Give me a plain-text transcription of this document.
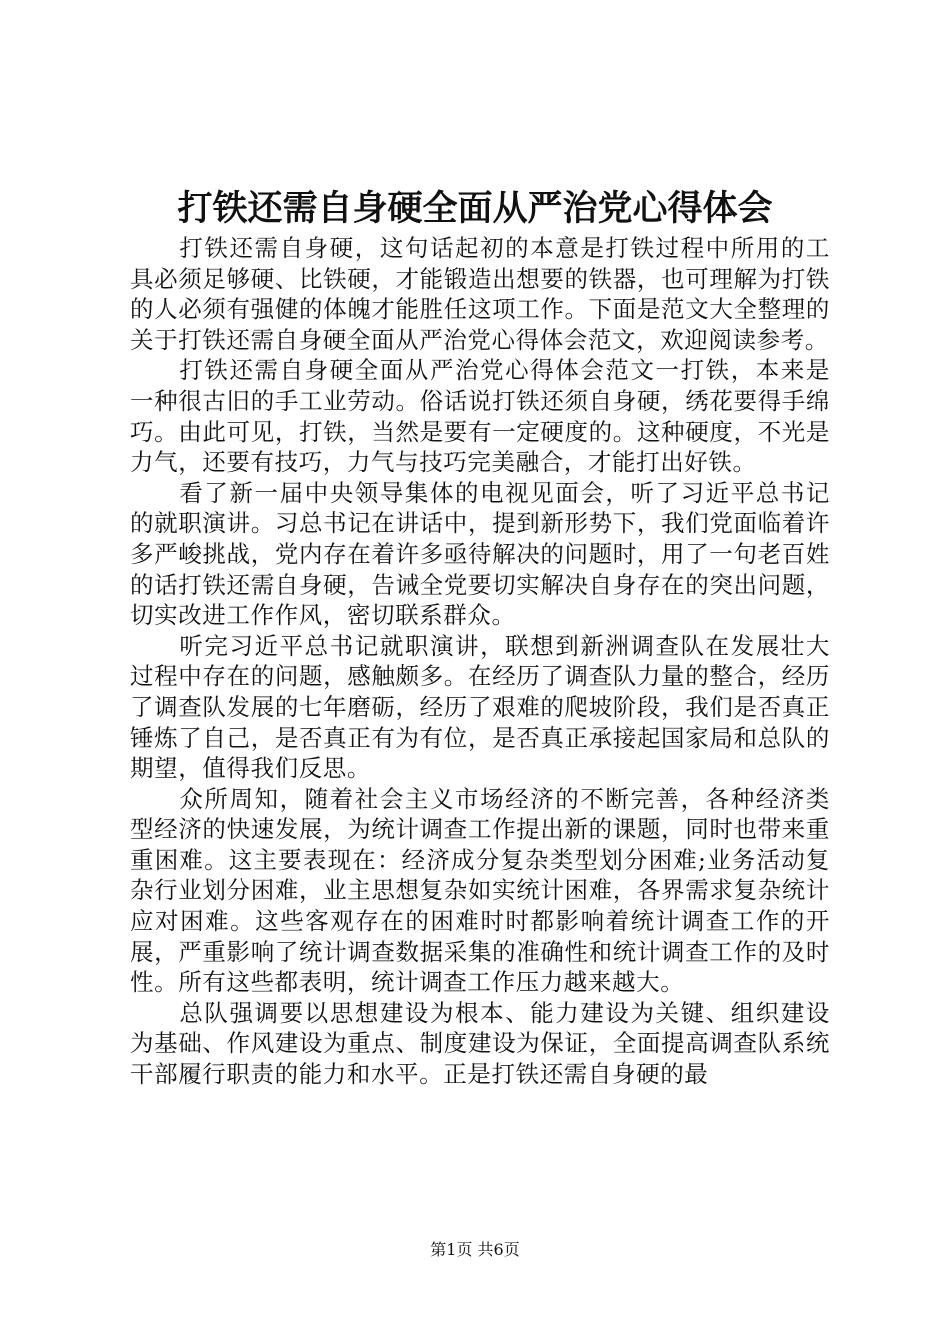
打铁还需自身硬全面从严治党心得体会

打铁还需自身硬，这句话起初的本意是打铁过程中所用的工具必须足够硬、比铁硬，才能锻造出想要的铁器，也可理解为打铁的人必须有强健的体魄才能胜任这项工作。下面是范文大全整理的关于打铁还需自身硬全面从严治党心得体会范文，欢迎阅读参考。

打铁还需自身硬全面从严治党心得体会范文一打铁，本来是一种很古旧的手工业劳动。俗话说打铁还须自身硬，绣花要得手绵巧。由此可见，打铁，当然是要有一定硬度的。这种硬度，不光是力气，还要有技巧，力气与技巧完美融合，才能打出好铁。

看了新一届中央领导集体的电视见面会，听了习近平总书记的就职演讲。习总书记在讲话中，提到新形势下，我们党面临着许多严峻挑战，党内存在着许多亟待解决的问题时，用了一句老百姓的话打铁还需自身硬，告诫全党要切实解决自身存在的突出问题，切实改进工作作风，密切联系群众。

听完习近平总书记就职演讲，联想到新洲调查队在发展壮大过程中存在的问题，感触颇多。在经历了调查队力量的整合，经历了调查队发展的七年磨砺，经历了艰难的爬坡阶段，我们是否真正锤炼了自己，是否真正有为有位，是否真正承接起国家局和总队的期望，值得我们反思。

众所周知，随着社会主义市场经济的不断完善，各种经济类型经济的快速发展，为统计调查工作提出新的课题，同时也带来重重困难。这主要表现在：经济成分复杂类型划分困难;业务活动复杂行业划分困难，业主思想复杂如实统计困难，各界需求复杂统计应对困难。这些客观存在的困难时时都影响着统计调查工作的开展，严重影响了统计调查数据采集的准确性和统计调查工作的及时性。所有这些都表明，统计调查工作压力越来越大。

总队强调要以思想建设为根本、能力建设为关键、组织建设为基础、作风建设为重点、制度建设为保证，全面提高调查队系统干部履行职责的能力和水平。正是打铁还需自身硬的最

第1页 共6页
